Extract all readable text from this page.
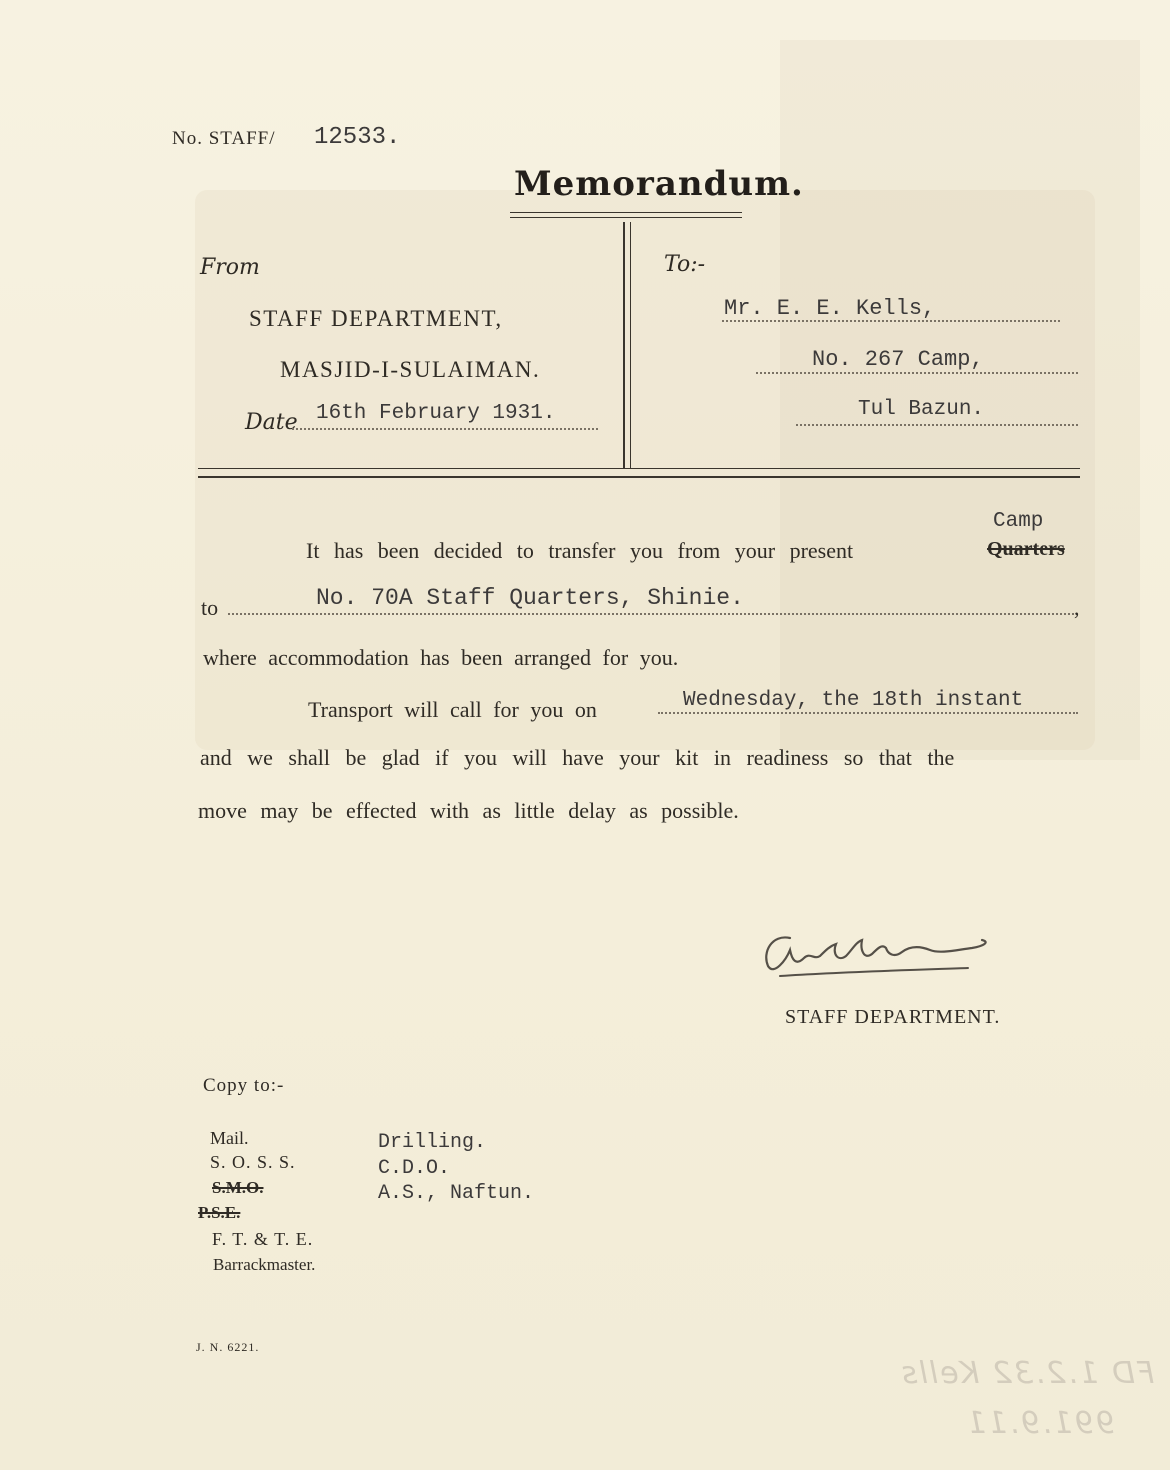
No. STAFF/ 12533.
Memorandum.
From
STAFF DEPARTMENT,
MASJID-I-SULAIMAN.
Date 16th February 1931.
To:-
Mr. E. E. Kells,
No. 267 Camp,
Tul Bazun.
Camp
It has been decided to transfer you from your present	Quarters
to	No. 70A Staff Quarters, Shinie.	,
where accommodation has been arranged for you.
Transport will call for you on	Wednesday, the 18th instant
and we shall be glad if you will have your kit in readiness so that the
move may be effected with as little delay as possible.
STAFF DEPARTMENT.
Copy to:-
Mail.
S. O. S. S.
S.M.O.
P.S.E.
F. T. & T. E.
Barrackmaster.
Drilling.
C.D.O.
A.S., Naftun.
J. N. 6221.
FD 1.2.32 Kells
991.9.11
